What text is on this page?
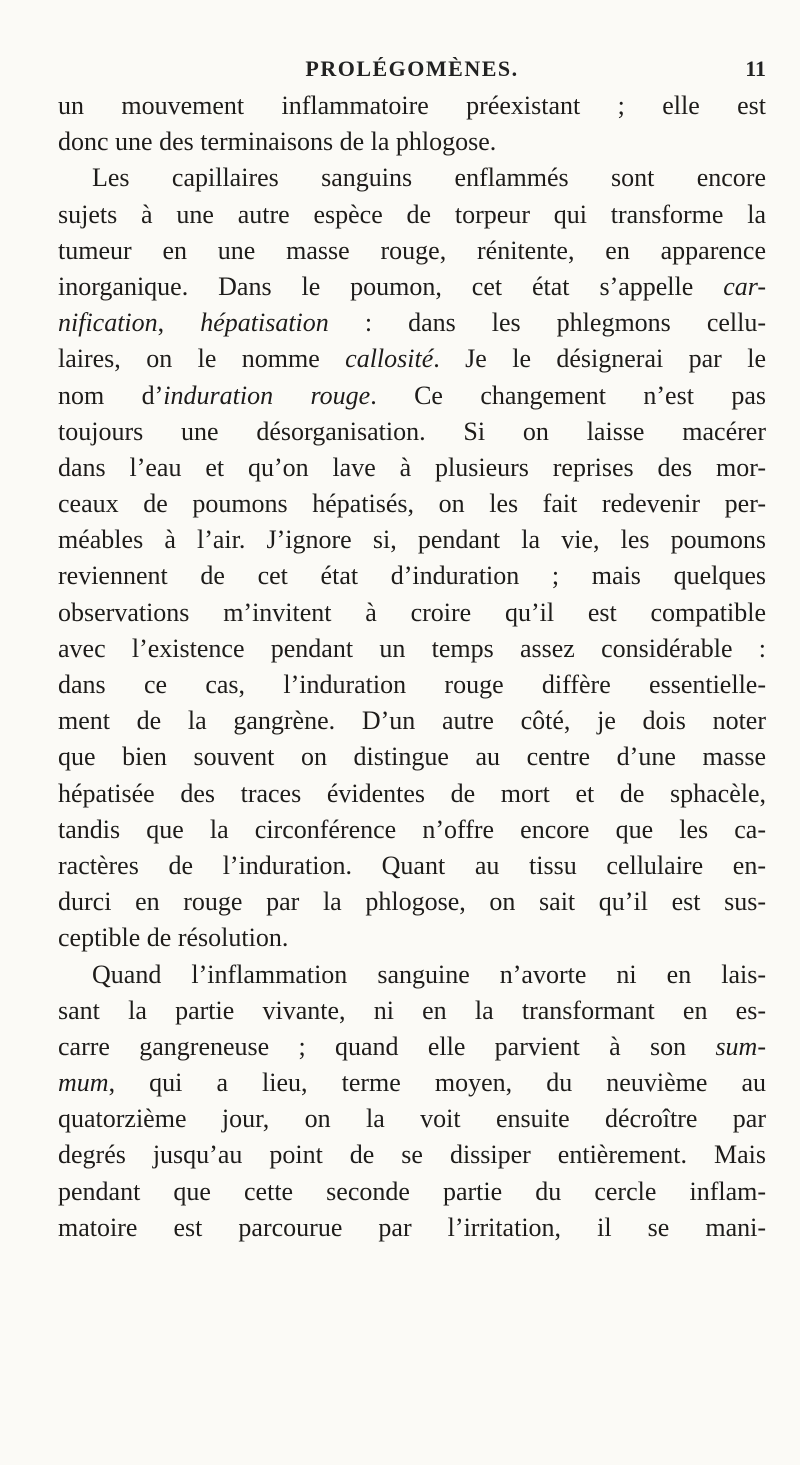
PROLÉGOMÈNES.	11
un mouvement inflammatoire préexistant ; elle est
donc une des terminaisons de la phlogose.
Les capillaires sanguins enflammés sont encore
sujets à une autre espèce de torpeur qui transforme la
tumeur en une masse rouge, rénitente, en apparence
inorganique. Dans le poumon, cet état s’appelle car-
nification, hépatisation : dans les phlegmons cellu-
laires, on le nomme callosité. Je le désignerai par le
nom d’induration rouge. Ce changement n’est pas
toujours une désorganisation. Si on laisse macérer
dans l’eau et qu’on lave à plusieurs reprises des mor-
ceaux de poumons hépatisés, on les fait redevenir per-
méables à l’air. J’ignore si, pendant la vie, les poumons
reviennent de cet état d’induration ; mais quelques
observations m’invitent à croire qu’il est compatible
avec l’existence pendant un temps assez considérable :
dans ce cas, l’induration rouge diffère essentielle-
ment de la gangrène. D’un autre côté, je dois noter
que bien souvent on distingue au centre d’une masse
hépatisée des traces évidentes de mort et de sphacèle,
tandis que la circonférence n’offre encore que les ca-
ractères de l’induration. Quant au tissu cellulaire en-
durci en rouge par la phlogose, on sait qu’il est sus-
ceptible de résolution.
Quand l’inflammation sanguine n’avorte ni en lais-
sant la partie vivante, ni en la transformant en es-
carre gangreneuse ; quand elle parvient à son sum-
mum, qui a lieu, terme moyen, du neuvième au
quatorzième jour, on la voit ensuite décroître par
degrés jusqu’au point de se dissiper entièrement. Mais
pendant que cette seconde partie du cercle inflam-
matoire est parcourue par l’irritation, il se mani-
